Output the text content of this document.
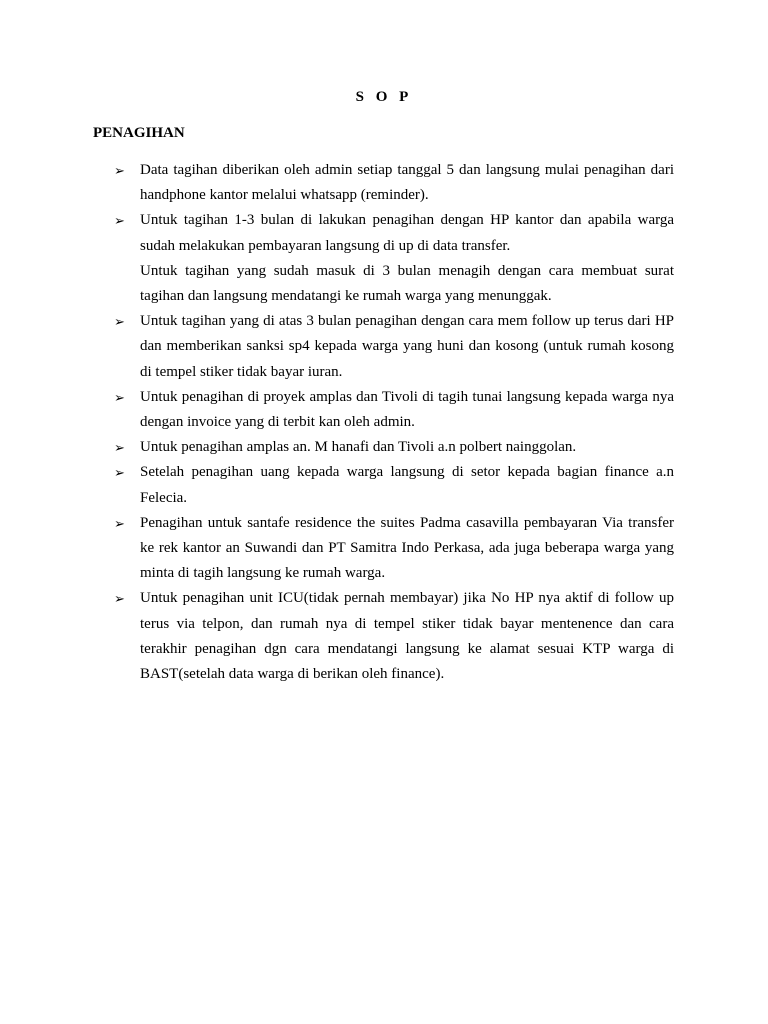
S O P
PENAGIHAN
➢ Data tagihan diberikan oleh admin setiap tanggal 5 dan langsung mulai penagihan dari handphone kantor melalui whatsapp (reminder).
➢ Untuk tagihan 1-3 bulan di lakukan penagihan dengan HP kantor dan apabila warga sudah melakukan pembayaran langsung di up di data transfer.
Untuk tagihan yang sudah masuk di 3 bulan menagih dengan cara membuat surat tagihan dan langsung mendatangi ke rumah warga yang menunggak.
➢ Untuk tagihan yang di atas 3 bulan penagihan dengan cara mem follow up terus dari HP dan memberikan sanksi sp4 kepada warga yang huni dan kosong (untuk rumah kosong di tempel stiker tidak bayar iuran.
➢ Untuk penagihan di proyek amplas dan Tivoli di tagih tunai langsung kepada warga nya dengan invoice yang di terbit kan oleh admin.
➢ Untuk penagihan amplas an. M hanafi dan Tivoli a.n polbert nainggolan.
➢ Setelah penagihan uang kepada warga langsung di setor kepada bagian finance a.n Felecia.
➢ Penagihan untuk santafe residence the suites Padma casavilla pembayaran Via transfer ke rek kantor an Suwandi dan PT Samitra Indo Perkasa, ada juga beberapa warga yang minta di tagih langsung ke rumah warga.
➢ Untuk penagihan unit ICU(tidak pernah membayar) jika No HP nya aktif di follow up terus via telpon, dan rumah nya di tempel stiker tidak bayar mentenence dan cara terakhir penagihan dgn cara mendatangi langsung ke alamat sesuai KTP warga di BAST(setelah data warga di berikan oleh finance).
